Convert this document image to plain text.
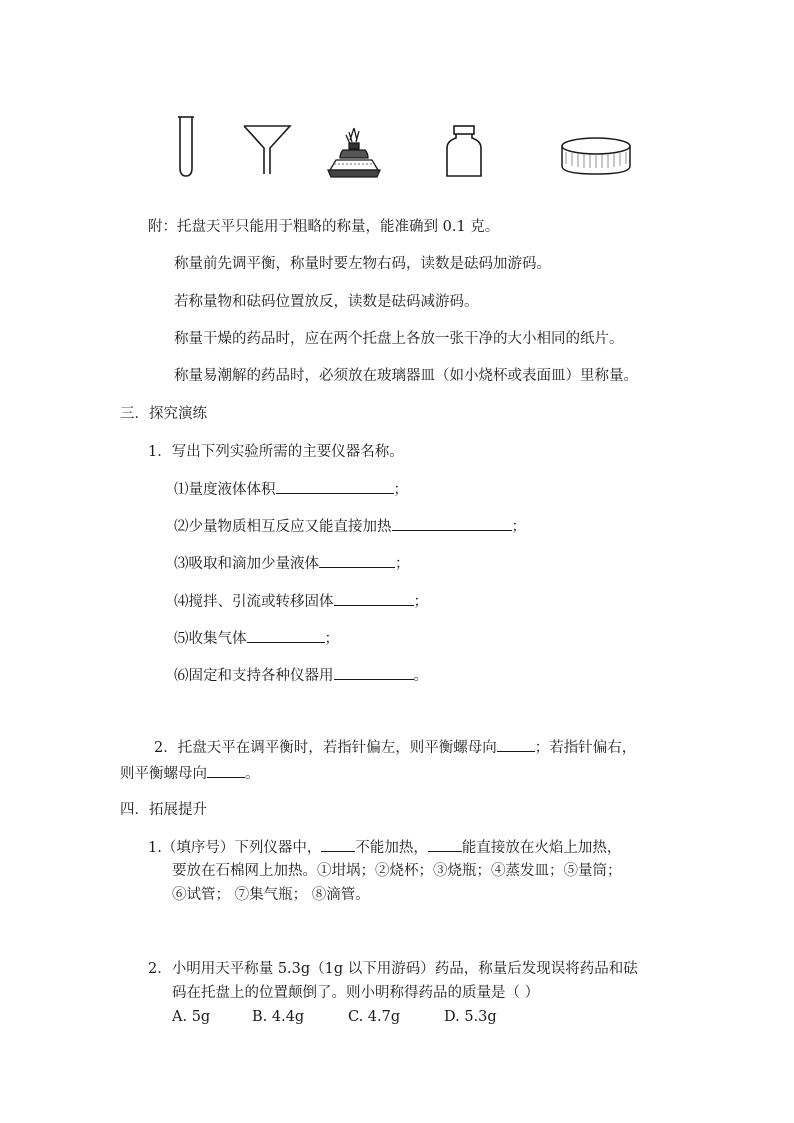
附：托盘天平只能用于粗略的称量，能准确到 0.1 克。
称量前先调平衡，称量时要左物右码，读数是砝码加游码。
若称量物和砝码位置放反，读数是砝码减游码。
称量干燥的药品时，应在两个托盘上各放一张干净的大小相同的纸片。
称量易潮解的药品时，必须放在玻璃器皿（如小烧杯或表面皿）里称量。
三．探究演练
1．写出下列实验所需的主要仪器名称。
⑴量度液体体积	；
⑵少量物质相互反应又能直接加热	；
⑶吸取和滴加少量液体	；
⑷搅拌、引流或转移固体	；
⑸收集气体	；
⑹固定和支持各种仪器用	。
2．托盘天平在调平衡时，若指针偏左，则平衡螺母向	；若指针偏右，
则平衡螺母向	。
四．拓展提升
1.（填序号）下列仪器中， 不能加热， 能直接放在火焰上加热，
要放在石棉网上加热。①坩埚；②烧杯；③烧瓶；④蒸发皿；⑤量筒；
⑥试管； ⑦集气瓶； ⑧滴管。
2．小明用天平称量 5.3g（1g 以下用游码）药品，称量后发现误将药品和砝
码在托盘上的位置颠倒了。则小明称得药品的质量是（ ）
A. 5g	B. 4.4g	C. 4.7g	D. 5.3g
